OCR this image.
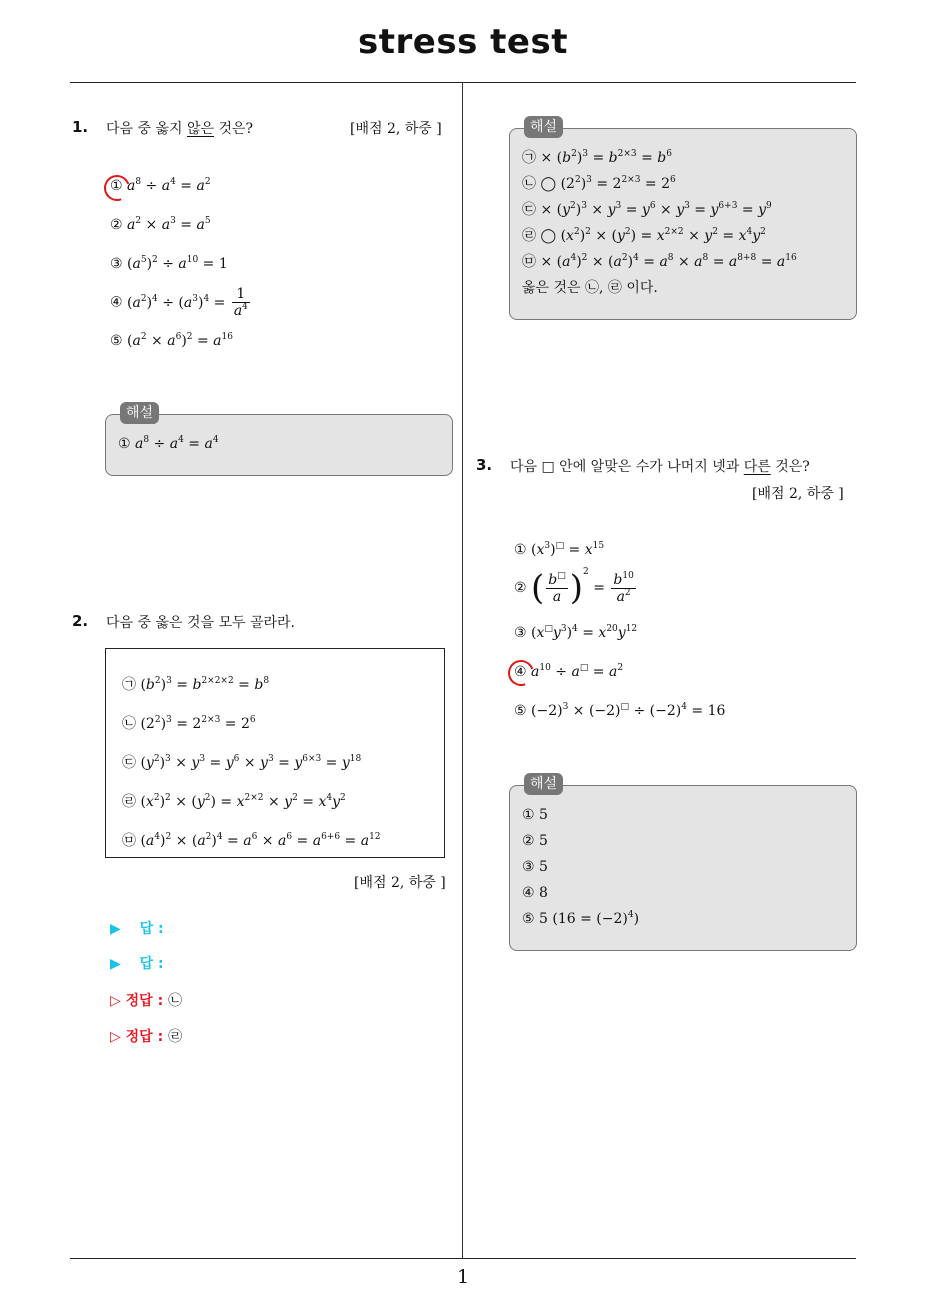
stress test
1
1. 다음 중 옳지 않은 것은?	[배점 2, 하중 ]
① $a^8 \div a^4 = a^2$
② $a^2 \times a^3 = a^5$
③ $(a^5)^2 \div a^{10} = 1$
④ $(a^2)^4 \div (a^3)^4 = \frac{1}{a^4}$
⑤ $(a^2 \times a^6)^2 = a^{16}$
① $a^8 \div a^4 = a^4$
해설
2. 다음 중 옳은 것을 모두 골라라.
㉠ $(b^2)^3 = b^{2\times 2\times 2} = b^8$
㉡ $(2^2)^3 = 2^{2\times 3} = 2^6$
㉢ $(y^2)^3 \times y^3 = y^6 \times y^3 = y^{6\times 3} = y^{18}$
㉣ $(x^2)^2 \times (y^2) = x^{2\times 2} \times y^2 = x^4y^2$
㉤ $(a^4)^2 \times (a^2)^4 = a^6 \times a^6 = a^{6+6} = a^{12}$
[배점 2, 하중 ]
▶ 답 :
▶ 답 :
▷ 정답 : ㉡
▷ 정답 : ㉣
㉠ × $(b^2)^3 = b^{2\times 3} = b^6$
㉡ ◯ $(2^2)^3 = 2^{2\times 3} = 2^6$
㉢ × $(y^2)^3 \times y^3 = y^6 \times y^3 = y^{6+3} = y^9$
㉣ ◯ $(x^2)^2 \times (y^2) = x^{2\times 2} \times y^2 = x^4y^2$
㉤ × $(a^4)^2 \times (a^2)^4 = a^8 \times a^8 = a^{8+8} = a^{16}$
옳은 것은 ㉡, ㉣ 이다.
해설
3. 다음 □ 안에 알맞은 수가 나머지 넷과 다른 것은?
[배점 2, 하중 ]
① $(x^3)^□ = x^{15}$
② ( $\frac{b^□}{a} )^2 = \frac{b^{10}}{a^2}$
③ $(x^□y^3)^4 = x^{20}y^{12}$
④ $a^{10} \div a^□ = a^2$
⑤ $(-2)^3 \times (-2)^□ \div (-2)^4 = 16$
① 5
② 5
③ 5
④ 8
⑤ 5 $(16 = (-2)^4)$
해설
